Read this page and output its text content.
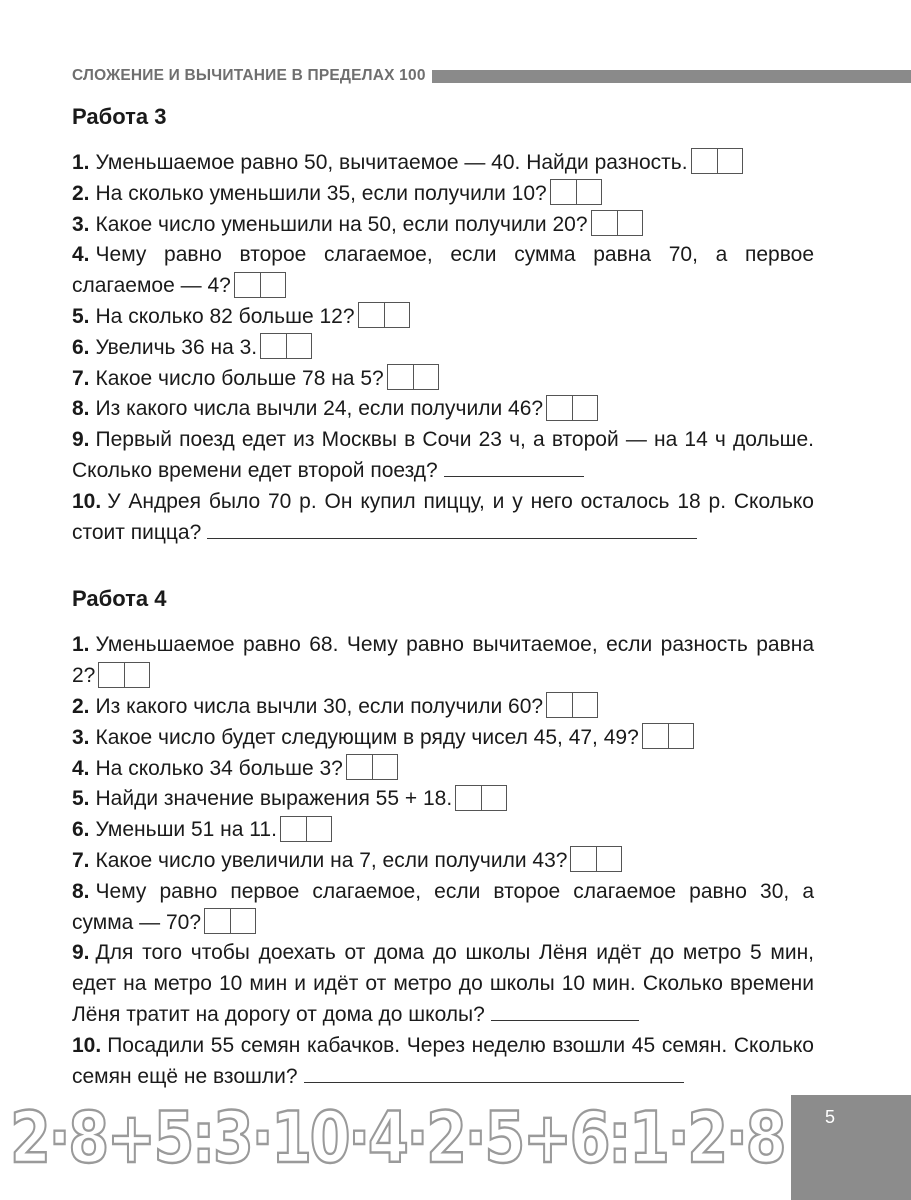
СЛОЖЕНИЕ И ВЫЧИТАНИЕ В ПРЕДЕЛАХ 100
Работа 3
1. Уменьшаемое равно 50, вычитаемое — 40. Найди разность.
2. На сколько уменьшили 35, если получили 10?
3. Какое число уменьшили на 50, если получили 20?
4. Чему равно второе слагаемое, если сумма равна 70, а первое слагаемое — 4?
5. На сколько 82 больше 12?
6. Увеличь 36 на 3.
7. Какое число больше 78 на 5?
8. Из какого числа вычли 24, если получили 46?
9. Первый поезд едет из Москвы в Сочи 23 ч, а второй — на 14 ч дольше. Сколько времени едет второй поезд?
10. У Андрея было 70 р. Он купил пиццу, и у него осталось 18 р. Сколько стоит пицца?
Работа 4
1. Уменьшаемое равно 68. Чему равно вычитаемое, если разность равна 2?
2. Из какого числа вычли 30, если получили 60?
3. Какое число будет следующим в ряду чисел 45, 47, 49?
4. На сколько 34 больше 3?
5. Найди значение выражения 55 + 18.
6. Уменьши 51 на 11.
7. Какое число увеличили на 7, если получили 43?
8. Чему равно первое слагаемое, если второе слагаемое равно 30, а сумма — 70?
9. Для того чтобы доехать от дома до школы Лёня идёт до метро 5 мин, едет на метро 10 мин и идёт от метро до школы 10 мин. Сколько времени Лёня тратит на дорогу от дома до школы?
10. Посадили 55 семян кабачков. Через неделю взошли 45 семян. Сколько семян ещё не взошли?
2·8+5:3·10·4·2·5+6:1·2·8	5
